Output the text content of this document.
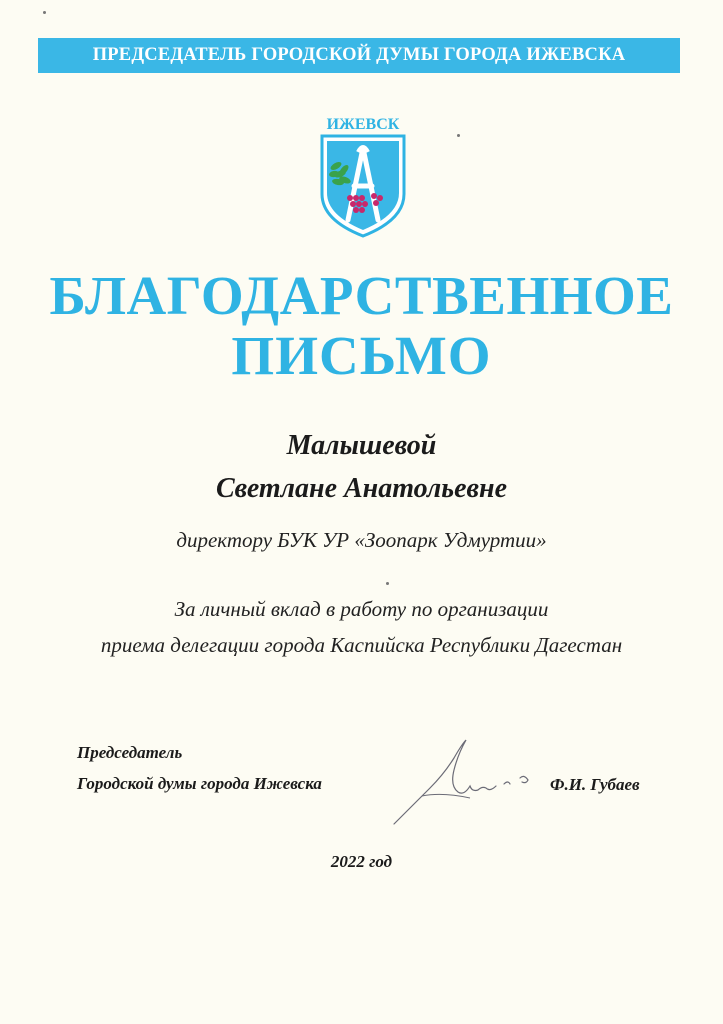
ПРЕДСЕДАТЕЛЬ ГОРОДСКОЙ ДУМЫ ГОРОДА ИЖЕВСКА
ИЖЕВСК
БЛАГОДАРСТВЕННОЕ
ПИСЬМО
Малышевой
Светлане Анатольевне
директору БУК УР «Зоопарк Удмуртии»
За личный вклад в работу по организации
приема делегации города Каспийска Республики Дагестан
Председатель
Городской думы города Ижевска	Ф.И. Губаев
2022 год
